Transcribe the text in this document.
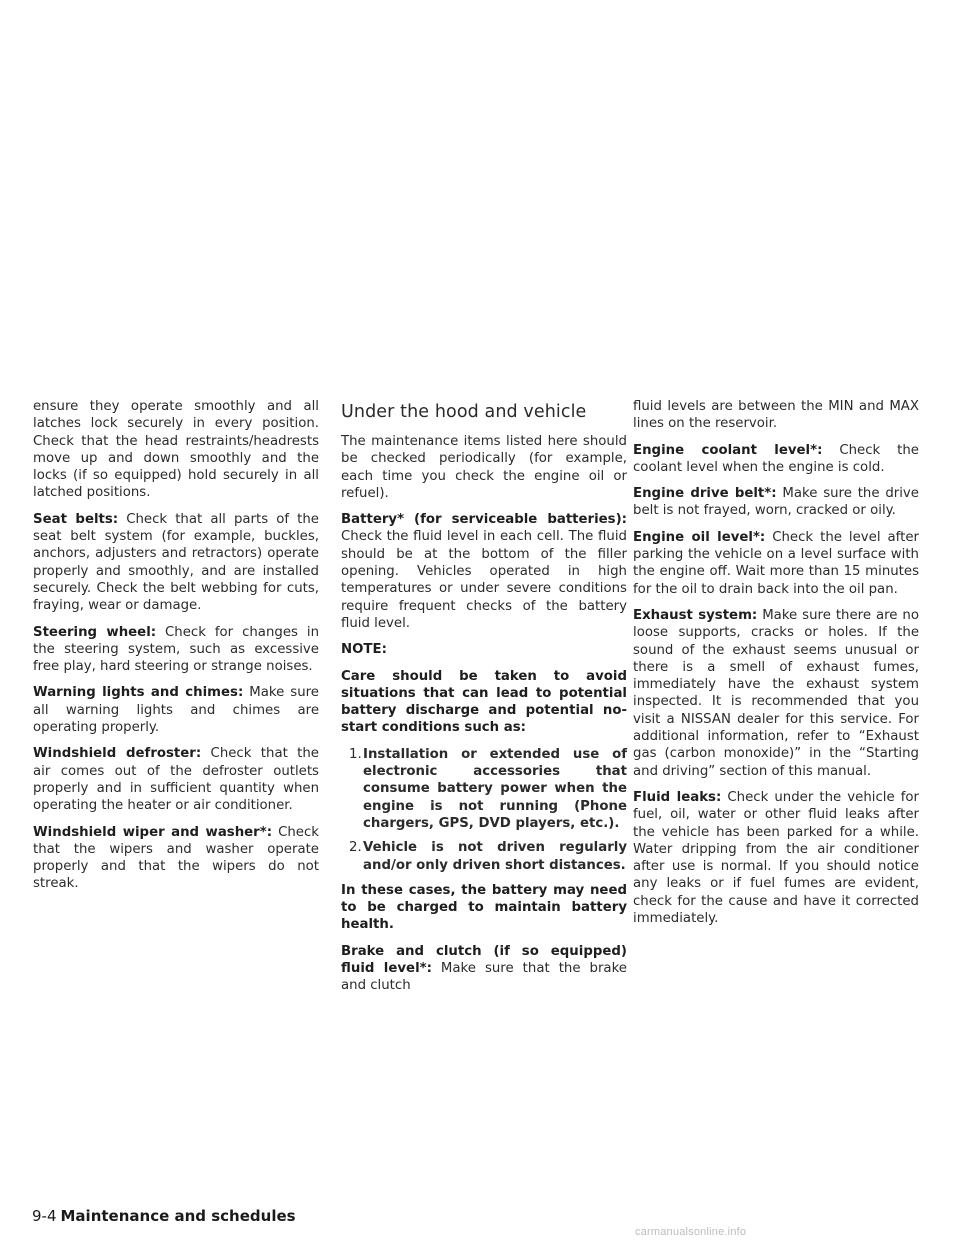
ensure they operate smoothly and all latches lock securely in every position. Check that the head restraints/headrests move up and down smoothly and the locks (if so equipped) hold securely in all latched positions.

Seat belts: Check that all parts of the seat belt system (for example, buckles, anchors, adjusters and retractors) operate properly and smoothly, and are installed securely. Check the belt webbing for cuts, fraying, wear or damage.

Steering wheel: Check for changes in the steering system, such as excessive free play, hard steering or strange noises.

Warning lights and chimes: Make sure all warning lights and chimes are operating properly.

Windshield defroster: Check that the air comes out of the defroster outlets properly and in sufficient quantity when operating the heater or air conditioner.

Windshield wiper and washer*: Check that the wipers and washer operate properly and that the wipers do not streak.

Under the hood and vehicle

The maintenance items listed here should be checked periodically (for example, each time you check the engine oil or refuel).

Battery* (for serviceable batteries): Check the fluid level in each cell. The fluid should be at the bottom of the filler opening. Vehicles operated in high temperatures or under severe conditions require frequent checks of the battery fluid level.

NOTE:

Care should be taken to avoid situations that can lead to potential battery discharge and potential no-start conditions such as:

1. Installation or extended use of electronic accessories that consume battery power when the engine is not running (Phone chargers, GPS, DVD players, etc.).
2. Vehicle is not driven regularly and/or only driven short distances.

In these cases, the battery may need to be charged to maintain battery health.

Brake and clutch (if so equipped) fluid level*: Make sure that the brake and clutch

fluid levels are between the MIN and MAX lines on the reservoir.

Engine coolant level*: Check the coolant level when the engine is cold.

Engine drive belt*: Make sure the drive belt is not frayed, worn, cracked or oily.

Engine oil level*: Check the level after parking the vehicle on a level surface with the engine off. Wait more than 15 minutes for the oil to drain back into the oil pan.

Exhaust system: Make sure there are no loose supports, cracks or holes. If the sound of the exhaust seems unusual or there is a smell of exhaust fumes, immediately have the exhaust system inspected. It is recommended that you visit a NISSAN dealer for this service. For additional information, refer to “Exhaust gas (carbon monoxide)” in the “Starting and driving” section of this manual.

Fluid leaks: Check under the vehicle for fuel, oil, water or other fluid leaks after the vehicle has been parked for a while. Water dripping from the air conditioner after use is normal. If you should notice any leaks or if fuel fumes are evident, check for the cause and have it corrected immediately.

9-4 Maintenance and schedules
carmanualsonline.info
